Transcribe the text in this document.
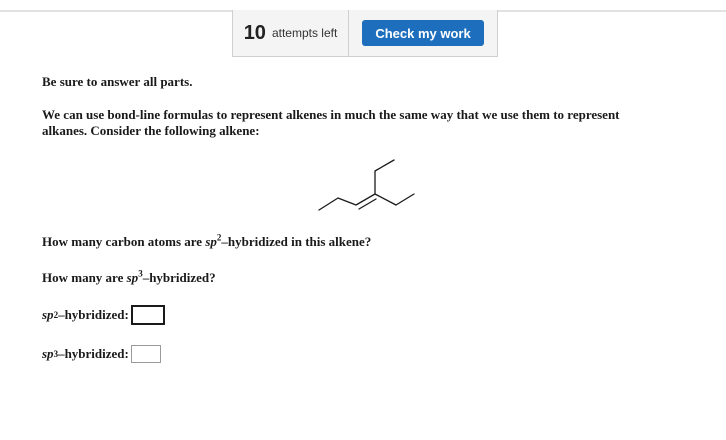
10 attempts left	Check my work

Be sure to answer all parts.

We can use bond-line formulas to represent alkenes in much the same way that we use them to represent alkanes. Consider the following alkene:

How many carbon atoms are $sp^2$–hybridized in this alkene?

How many are $sp^3$–hybridized?

sp 2 –hybridized:
sp 3 –hybridized:
